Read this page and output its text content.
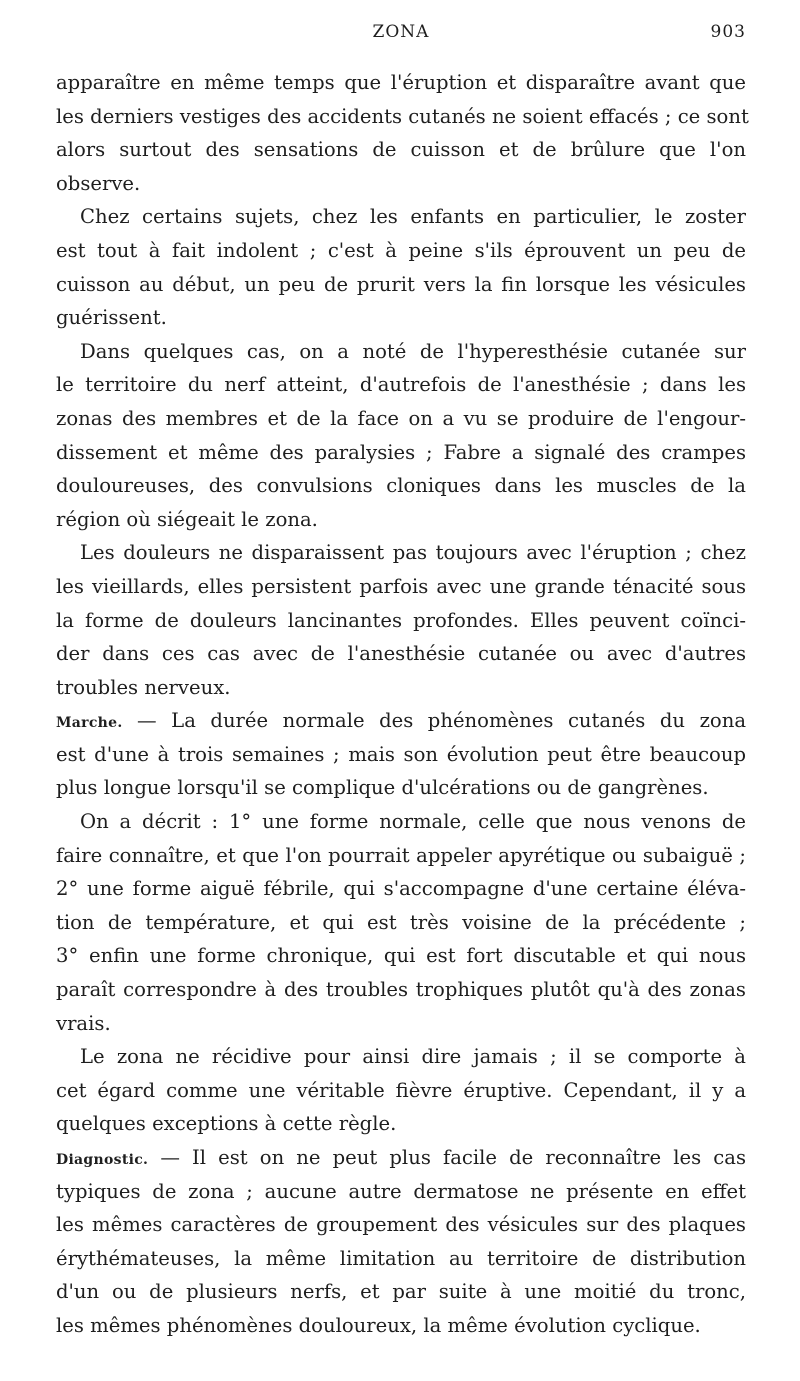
ZONA	903
apparaître en même temps que l'éruption et disparaître avant que
les derniers vestiges des accidents cutanés ne soient effacés ; ce sont
alors surtout des sensations de cuisson et de brûlure que l'on
observe.
Chez certains sujets, chez les enfants en particulier, le zoster
est tout à fait indolent ; c'est à peine s'ils éprouvent un peu de
cuisson au début, un peu de prurit vers la fin lorsque les vésicules
guérissent.
Dans quelques cas, on a noté de l'hyperesthésie cutanée sur
le territoire du nerf atteint, d'autrefois de l'anesthésie ; dans les
zonas des membres et de la face on a vu se produire de l'engour-
dissement et même des paralysies ; Fabre a signalé des crampes
douloureuses, des convulsions cloniques dans les muscles de la
région où siégeait le zona.
Les douleurs ne disparaissent pas toujours avec l'éruption ; chez
les vieillards, elles persistent parfois avec une grande ténacité sous
la forme de douleurs lancinantes profondes. Elles peuvent coïnci-
der dans ces cas avec de l'anesthésie cutanée ou avec d'autres
troubles nerveux.
Marche. — La durée normale des phénomènes cutanés du zona
est d'une à trois semaines ; mais son évolution peut être beaucoup
plus longue lorsqu'il se complique d'ulcérations ou de gangrènes.
On a décrit : 1° une forme normale, celle que nous venons de
faire connaître, et que l'on pourrait appeler apyrétique ou subaiguë ;
2° une forme aiguë fébrile, qui s'accompagne d'une certaine éléva-
tion de température, et qui est très voisine de la précédente ;
3° enfin une forme chronique, qui est fort discutable et qui nous
paraît correspondre à des troubles trophiques plutôt qu'à des zonas
vrais.
Le zona ne récidive pour ainsi dire jamais ; il se comporte à
cet égard comme une véritable fièvre éruptive. Cependant, il y a
quelques exceptions à cette règle.
Diagnostic. — Il est on ne peut plus facile de reconnaître les cas
typiques de zona ; aucune autre dermatose ne présente en effet
les mêmes caractères de groupement des vésicules sur des plaques
érythémateuses, la même limitation au territoire de distribution
d'un ou de plusieurs nerfs, et par suite à une moitié du tronc,
les mêmes phénomènes douloureux, la même évolution cyclique.
